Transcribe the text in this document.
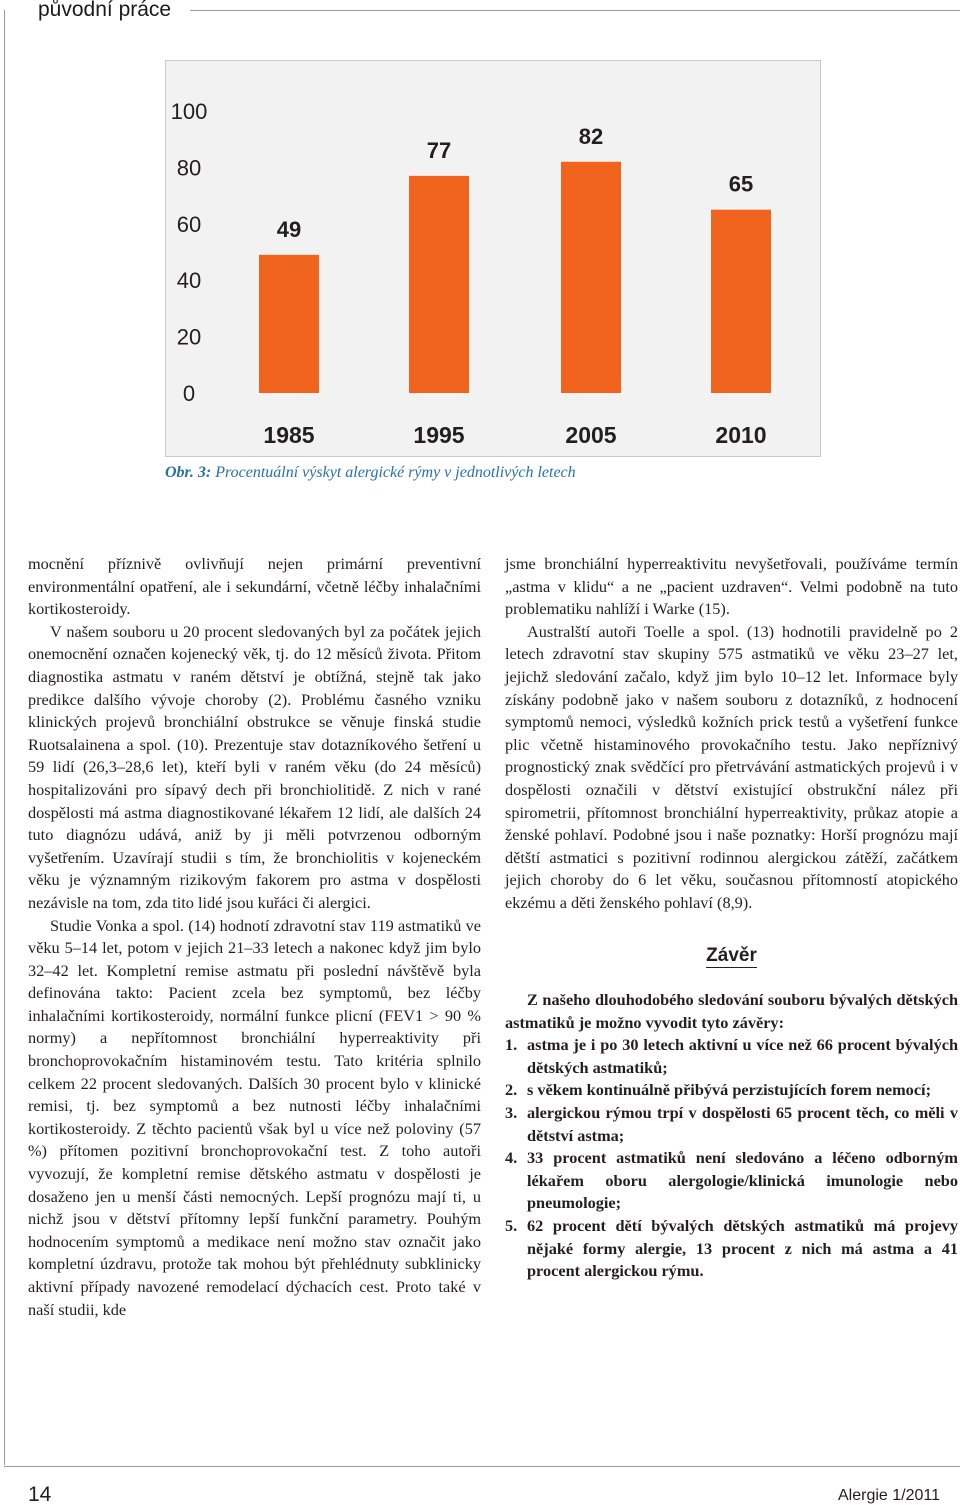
původní práce
0
20
40
60
80
100
49
1985
77
1995
82
2005
65
2010
Obr. 3: Procentuální výskyt alergické rýmy v jednotlivých letech

mocnění příznivě ovlivňují nejen primární preventivní environmentální opatření, ale i sekundární, včetně léčby inhalačními kortikosteroidy.

V našem souboru u 20 procent sledovaných byl za počátek jejich onemocnění označen kojenecký věk, tj. do 12 měsíců života. Přitom diagnostika astmatu v raném dětství je obtížná, stejně tak jako predikce dalšího vývoje choroby (2). Problému časného vzniku klinických projevů bronchiální obstrukce se věnuje finská studie Ruotsalainena a spol. (10). Prezentuje stav dotazníkového šetření u 59 lidí (26,3–28,6 let), kteří byli v raném věku (do 24 měsíců) hospitalizováni pro sípavý dech při bronchiolitidě. Z nich v rané dospělosti má astma diagnostikované lékařem 12 lidí, ale dalších 24 tuto diagnózu udává, aniž by ji měli potvrzenou odborným vyšetřením. Uzavírají studii s tím, že bronchiolitis v kojeneckém věku je významným rizikovým fakorem pro astma v dospělosti nezávisle na tom, zda tito lidé jsou kuřáci či alergici.

Studie Vonka a spol. (14) hodnotí zdravotní stav 119 astmatiků ve věku 5–14 let, potom v jejich 21–33 letech a nakonec když jim bylo 32–42 let. Kompletní remise astmatu při poslední návštěvě byla definována takto: Pacient zcela bez symptomů, bez léčby inhalačními kortikosteroidy, normální funkce plicní (FEV1 > 90 % normy) a nepřítomnost bronchiální hyperreaktivity při bronchoprovokačním histaminovém testu. Tato kritéria splnilo celkem 22 procent sledovaných. Dalších 30 procent bylo v klinické remisi, tj. bez symptomů a bez nutnosti léčby inhalačními kortikosteroidy. Z těchto pacientů však byl u více než poloviny (57 %) přítomen pozitivní bronchoprovokační test. Z toho autoři vyvozují, že kompletní remise dětského astmatu v dospělosti je dosaženo jen u menší části nemocných. Lepší prognózu mají ti, u nichž jsou v dětství přítomny lepší funkční parametry. Pouhým hodnocením symptomů a medikace není možno stav označit jako kompletní úzdravu, protože tak mohou být přehlédnuty subklinicky aktivní případy navozené remodelací dýchacích cest. Proto také v naší studii, kde

jsme bronchiální hyperreaktivitu nevyšetřovali, používáme termín „astma v klidu“ a ne „pacient uzdraven“. Velmi podobně na tuto problematiku nahlíží i Warke (15).

Australští autoři Toelle a spol. (13) hodnotili pravidelně po 2 letech zdravotní stav skupiny 575 astmatiků ve věku 23–27 let, jejichž sledování začalo, když jim bylo 10–12 let. Informace byly získány podobně jako v našem souboru z dotazníků, z hodnocení symptomů nemoci, výsledků kožních prick testů a vyšetření funkce plic včetně histaminového provokačního testu. Jako nepříznivý prognostický znak svědčící pro přetrvávání astmatických projevů i v dospělosti označili v dětství existující obstrukční nález při spirometrii, přítomnost bronchiální hyperreaktivity, průkaz atopie a ženské pohlaví. Podobné jsou i naše poznatky: Horší prognózu mají dětští astmatici s pozitivní rodinnou alergickou zátěží, začátkem jejich choroby do 6 let věku, současnou přítomností atopického ekzému a děti ženského pohlaví (8,9).

Závěr

Z našeho dlouhodobého sledování souboru bývalých dětských astmatiků je možno vyvodit tyto závěry:

1. astma je i po 30 letech aktivní u více než 66 procent bývalých dětských astmatiků;
2. s věkem kontinuálně přibývá perzistujících forem nemocí;
3. alergickou rýmou trpí v dospělosti 65 procent těch, co měli v dětství astma;
4. 33 procent astmatiků není sledováno a léčeno odborným lékařem oboru alergologie/klinická imunologie nebo pneumologie;
5. 62 procent dětí bývalých dětských astmatiků má projevy nějaké formy alergie, 13 procent z nich má astma a 41 procent alergickou rýmu.
14	Alergie 1/2011
